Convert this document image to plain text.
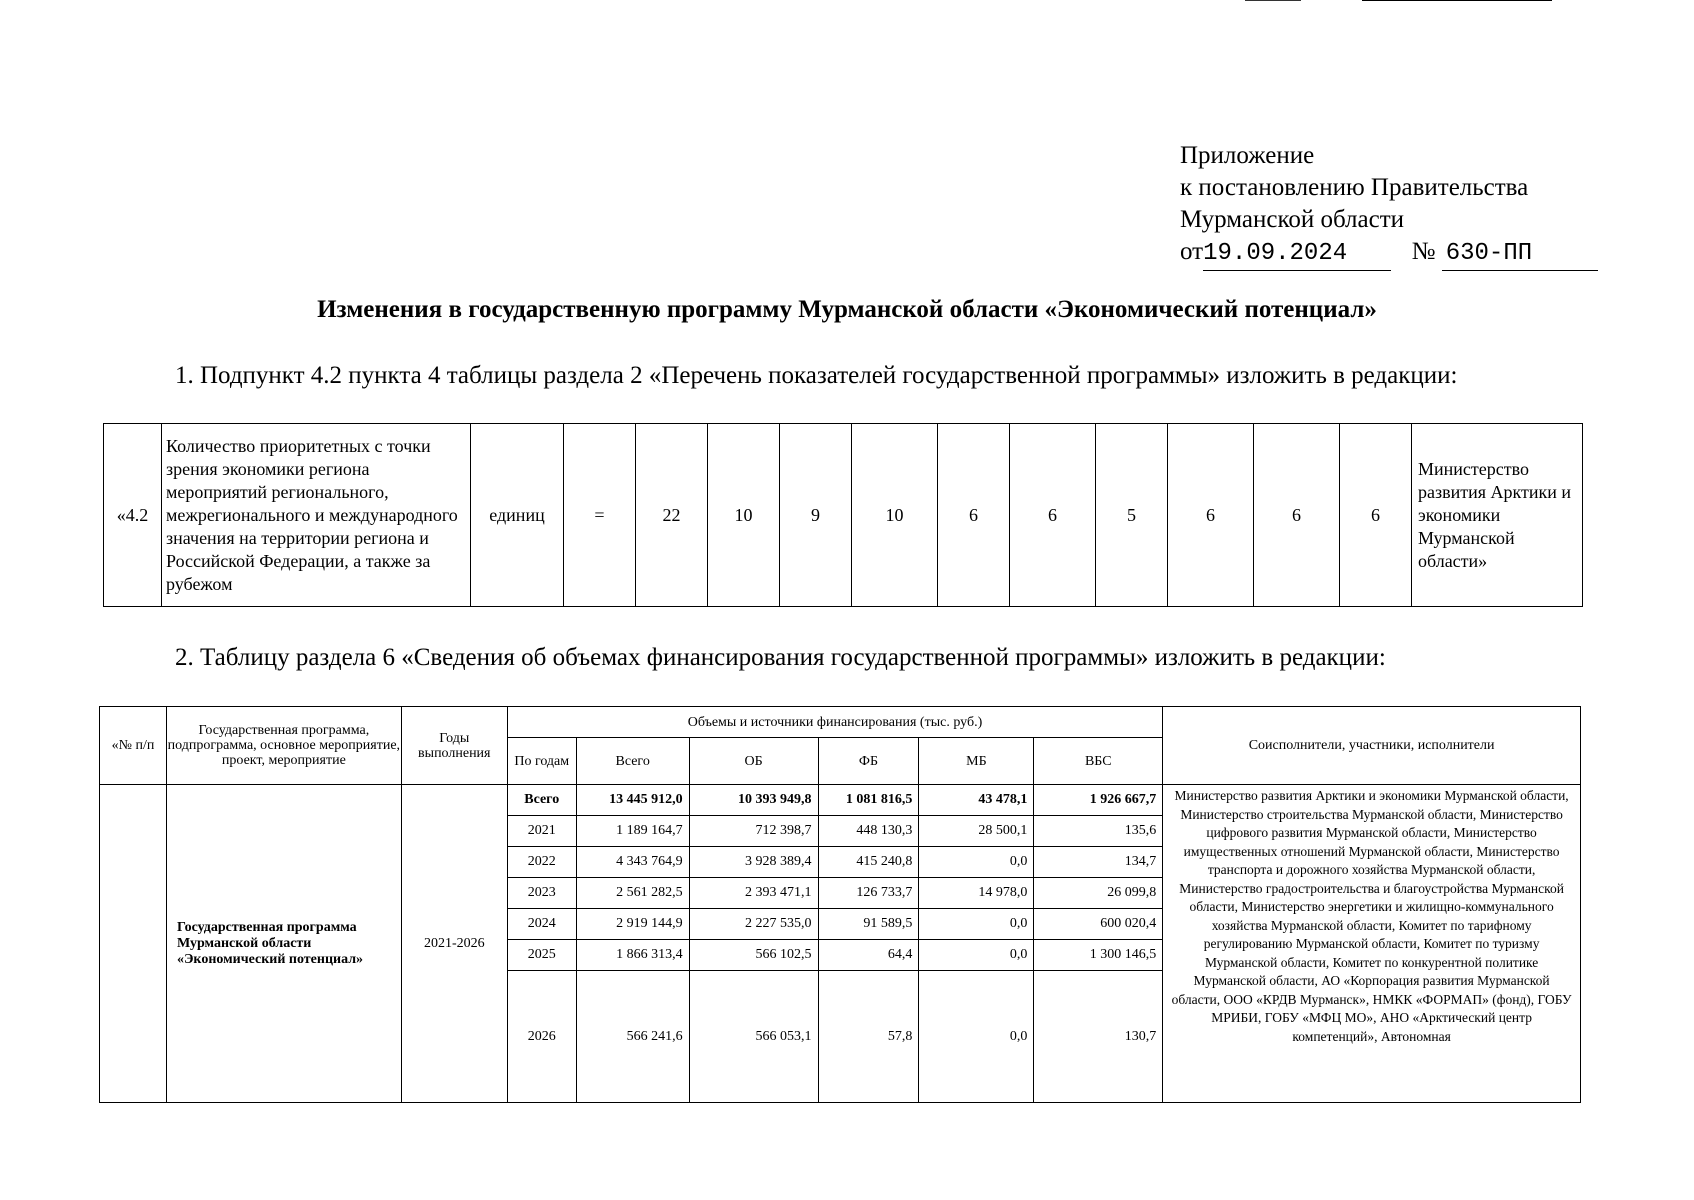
Приложение
к постановлению Правительства
Мурманской области
от19.09.2024	№ 630-ПП
Изменения в государственную программу Мурманской области «Экономический потенциал»
1. Подпункт 4.2 пункта 4 таблицы раздела 2 «Перечень показателей государственной программы» изложить в редакции:
«4.2	Количество приоритетных с точки зрения экономики региона мероприятий регионального, межрегионального и международного значения на территории региона и Российской Федерации, а также за рубежом	единиц	=	22	10	9	10	6	6	5	6	6	6	Министерство развития Арктики и экономики Мурманской области»
2. Таблицу раздела 6 «Сведения об объемах финансирования государственной программы» изложить в редакции:
«№ п/п	Государственная программа, подпрограмма, основное мероприятие, проект, мероприятие	Годы выполнения	Объемы и источники финансирования (тыс. руб.)						Соисполнители, участники, исполнители
			По годам	Всего	ОБ	ФБ	МБ	ВБС	
	Государственная программа Мурманской области «Экономический потенциал»	2021-2026	Всего	13 445 912,0	10 393 949,8	1 081 816,5	43 478,1	1 926 667,7	Министерство развития Арктики и экономики Мурманской области, Министерство строительства Мурманской области, Министерство цифрового развития Мурманской области, Министерство имущественных отношений Мурманской области, Министерство транспорта и дорожного хозяйства Мурманской области, Министерство градостроительства и благоустройства Мурманской области, Министерство энергетики и жилищно-коммунального хозяйства Мурманской области, Комитет по тарифному регулированию Мурманской области, Комитет по туризму Мурманской области, Комитет по конкурентной политике Мурманской области, АО «Корпорация развития Мурманской области, ООО «КРДВ Мурманск», НМКК «ФОРМАП» (фонд), ГОБУ МРИБИ, ГОБУ «МФЦ МО», АНО «Арктический центр компетенций», Автономная
			2021	1 189 164,7	712 398,7	448 130,3	28 500,1	135,6	
			2022	4 343 764,9	3 928 389,4	415 240,8	0,0	134,7	
			2023	2 561 282,5	2 393 471,1	126 733,7	14 978,0	26 099,8	
			2024	2 919 144,9	2 227 535,0	91 589,5	0,0	600 020,4	
			2025	1 866 313,4	566 102,5	64,4	0,0	1 300 146,5	
			2026	566 241,6	566 053,1	57,8	0,0	130,7	
